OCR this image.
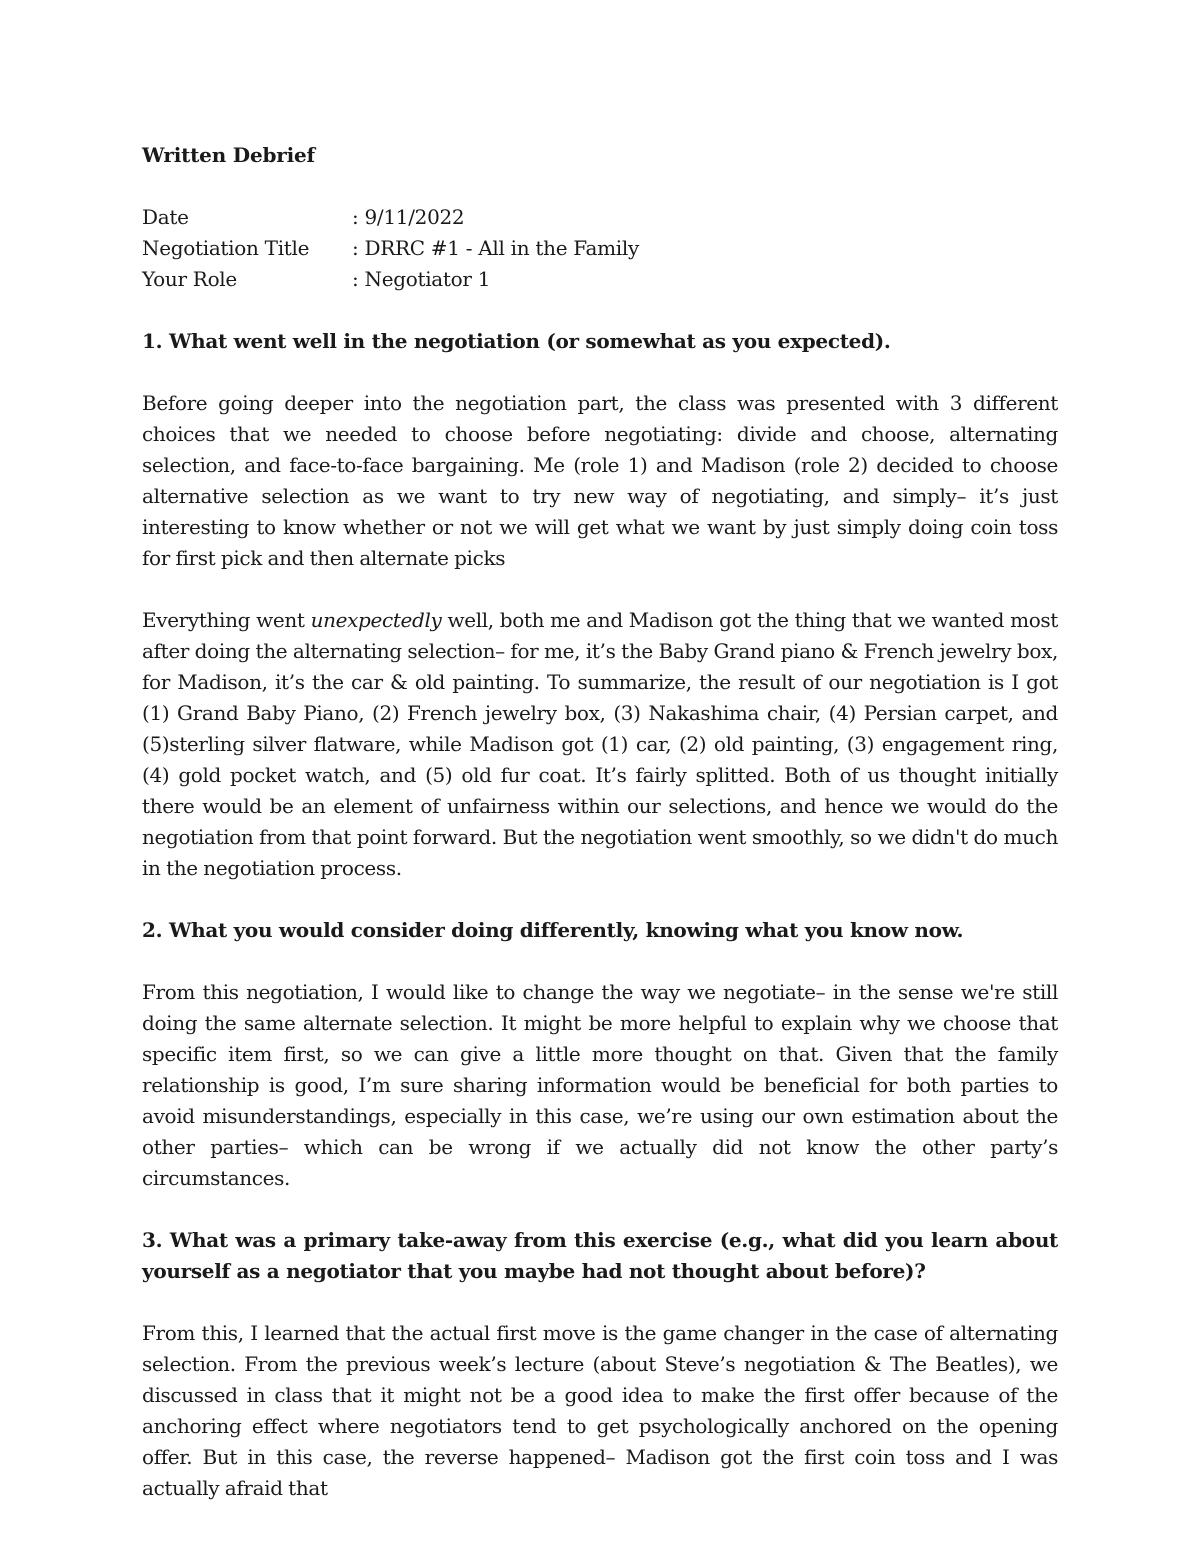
Written Debrief
Date	: 9/11/2022
Negotiation Title	: DRRC #1 - All in the Family
Your Role	: Negotiator 1
1. What went well in the negotiation (or somewhat as you expected).
Before going deeper into the negotiation part, the class was presented with 3 different choices that we needed to choose before negotiating: divide and choose, alternating selection, and face-to-face bargaining. Me (role 1) and Madison (role 2) decided to choose alternative selection as we want to try new way of negotiating, and simply– it’s just interesting to know whether or not we will get what we want by just simply doing coin toss for first pick and then alternate picks
Everything went unexpectedly well, both me and Madison got the thing that we wanted most after doing the alternating selection– for me, it’s the Baby Grand piano & French jewelry box, for Madison, it’s the car & old painting. To summarize, the result of our negotiation is I got (1) Grand Baby Piano, (2) French jewelry box, (3) Nakashima chair, (4) Persian carpet, and (5)sterling silver flatware, while Madison got (1) car, (2) old painting, (3) engagement ring, (4) gold pocket watch, and (5) old fur coat. It’s fairly splitted. Both of us thought initially there would be an element of unfairness within our selections, and hence we would do the negotiation from that point forward. But the negotiation went smoothly, so we didn't do much in the negotiation process.
2. What you would consider doing differently, knowing what you know now.
From this negotiation, I would like to change the way we negotiate– in the sense we're still doing the same alternate selection. It might be more helpful to explain why we choose that specific item first, so we can give a little more thought on that. Given that the family relationship is good, I’m sure sharing information would be beneficial for both parties to avoid misunderstandings, especially in this case, we’re using our own estimation about the other parties– which can be wrong if we actually did not know the other party’s circumstances.
3. What was a primary take-away from this exercise (e.g., what did you learn about yourself as a negotiator that you maybe had not thought about before)?
From this, I learned that the actual first move is the game changer in the case of alternating selection. From the previous week’s lecture (about Steve’s negotiation & The Beatles), we discussed in class that it might not be a good idea to make the first offer because of the anchoring effect where negotiators tend to get psychologically anchored on the opening offer. But in this case, the reverse happened– Madison got the first coin toss and I was actually afraid that
